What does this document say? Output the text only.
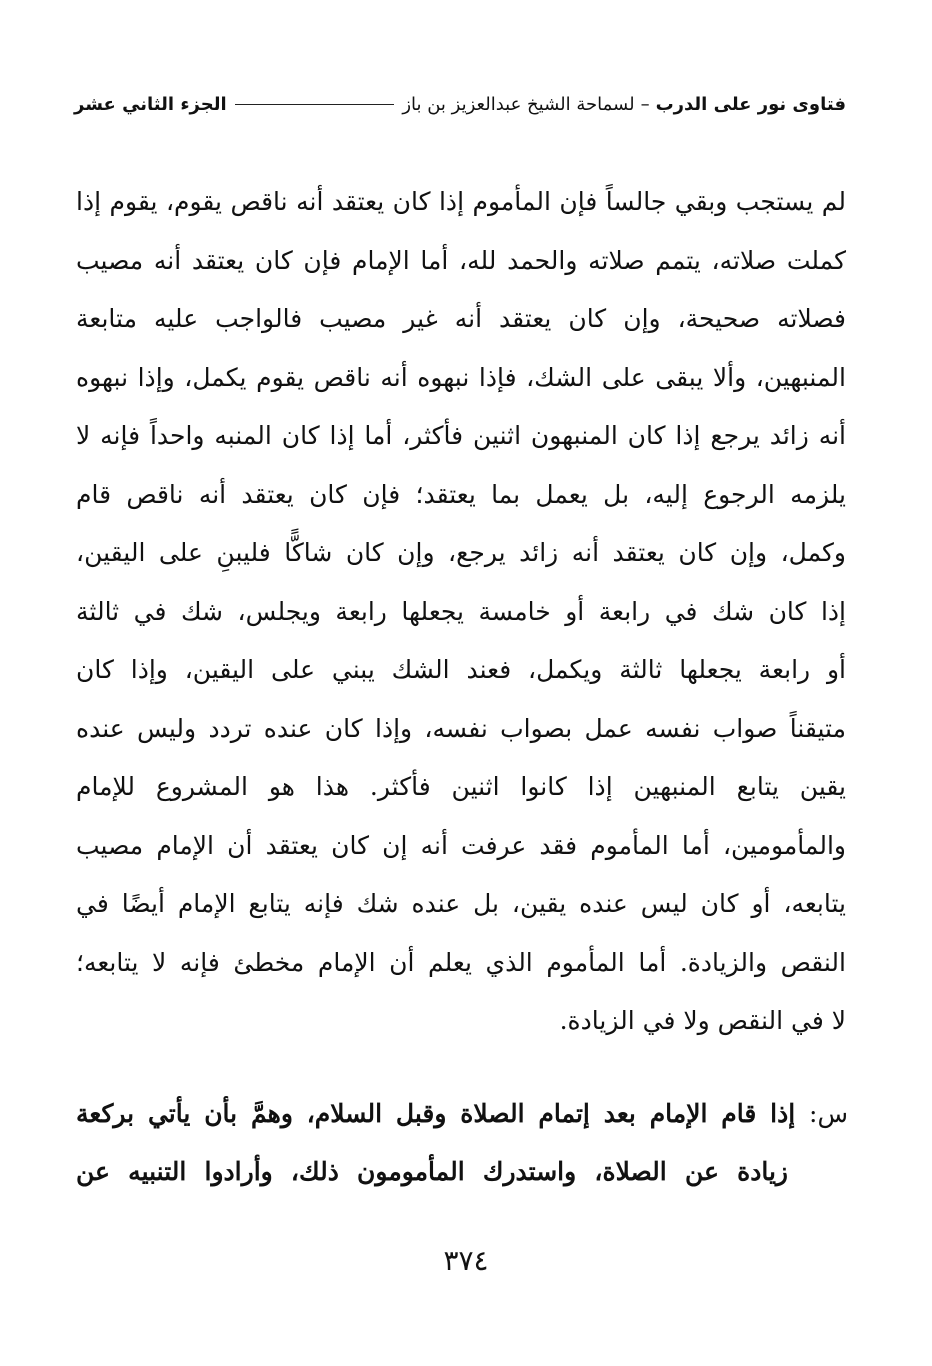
فتاوى نور على الدرب
–
لسماحة الشيخ عبدالعزيز بن باز
الجزء الثاني عشر
لم يستجب وبقي جالساً فإن المأموم إذا كان يعتقد أنه ناقص يقوم، يقوم إذا
كملت صلاته، يتمم صلاته والحمد لله، أما الإمام فإن كان يعتقد أنه مصيب
فصلاته صحيحة، وإن كان يعتقد أنه غير مصيب فالواجب عليه متابعة
المنبهين، وألا يبقى على الشك، فإذا نبهوه أنه ناقص يقوم يكمل، وإذا نبهوه
أنه زائد يرجع إذا كان المنبهون اثنين فأكثر، أما إذا كان المنبه واحداً فإنه لا
يلزمه الرجوع إليه، بل يعمل بما يعتقد؛ فإن كان يعتقد أنه ناقص قام
وكمل، وإن كان يعتقد أنه زائد يرجع، وإن كان شاكًّا فليبنِ على اليقين،
إذا كان شك في رابعة أو خامسة يجعلها رابعة ويجلس، شك في ثالثة
أو رابعة يجعلها ثالثة ويكمل، فعند الشك يبني على اليقين، وإذا كان
متيقناً صواب نفسه عمل بصواب نفسه، وإذا كان عنده تردد وليس عنده
يقين يتابع المنبهين إذا كانوا اثنين فأكثر. هذا هو المشروع للإمام
والمأمومين، أما المأموم فقد عرفت أنه إن كان يعتقد أن الإمام مصيب
يتابعه، أو كان ليس عنده يقين، بل عنده شك فإنه يتابع الإمام أيضًا في
النقص والزيادة. أما المأموم الذي يعلم أن الإمام مخطئ فإنه لا يتابعه؛
لا في النقص ولا في الزيادة.
س: إذا قام الإمام بعد إتمام الصلاة وقبل السلام، وهمَّ بأن يأتي بركعة
زيادة عن الصلاة، واستدرك المأمومون ذلك، وأرادوا التنبيه عن
٣٧٤
